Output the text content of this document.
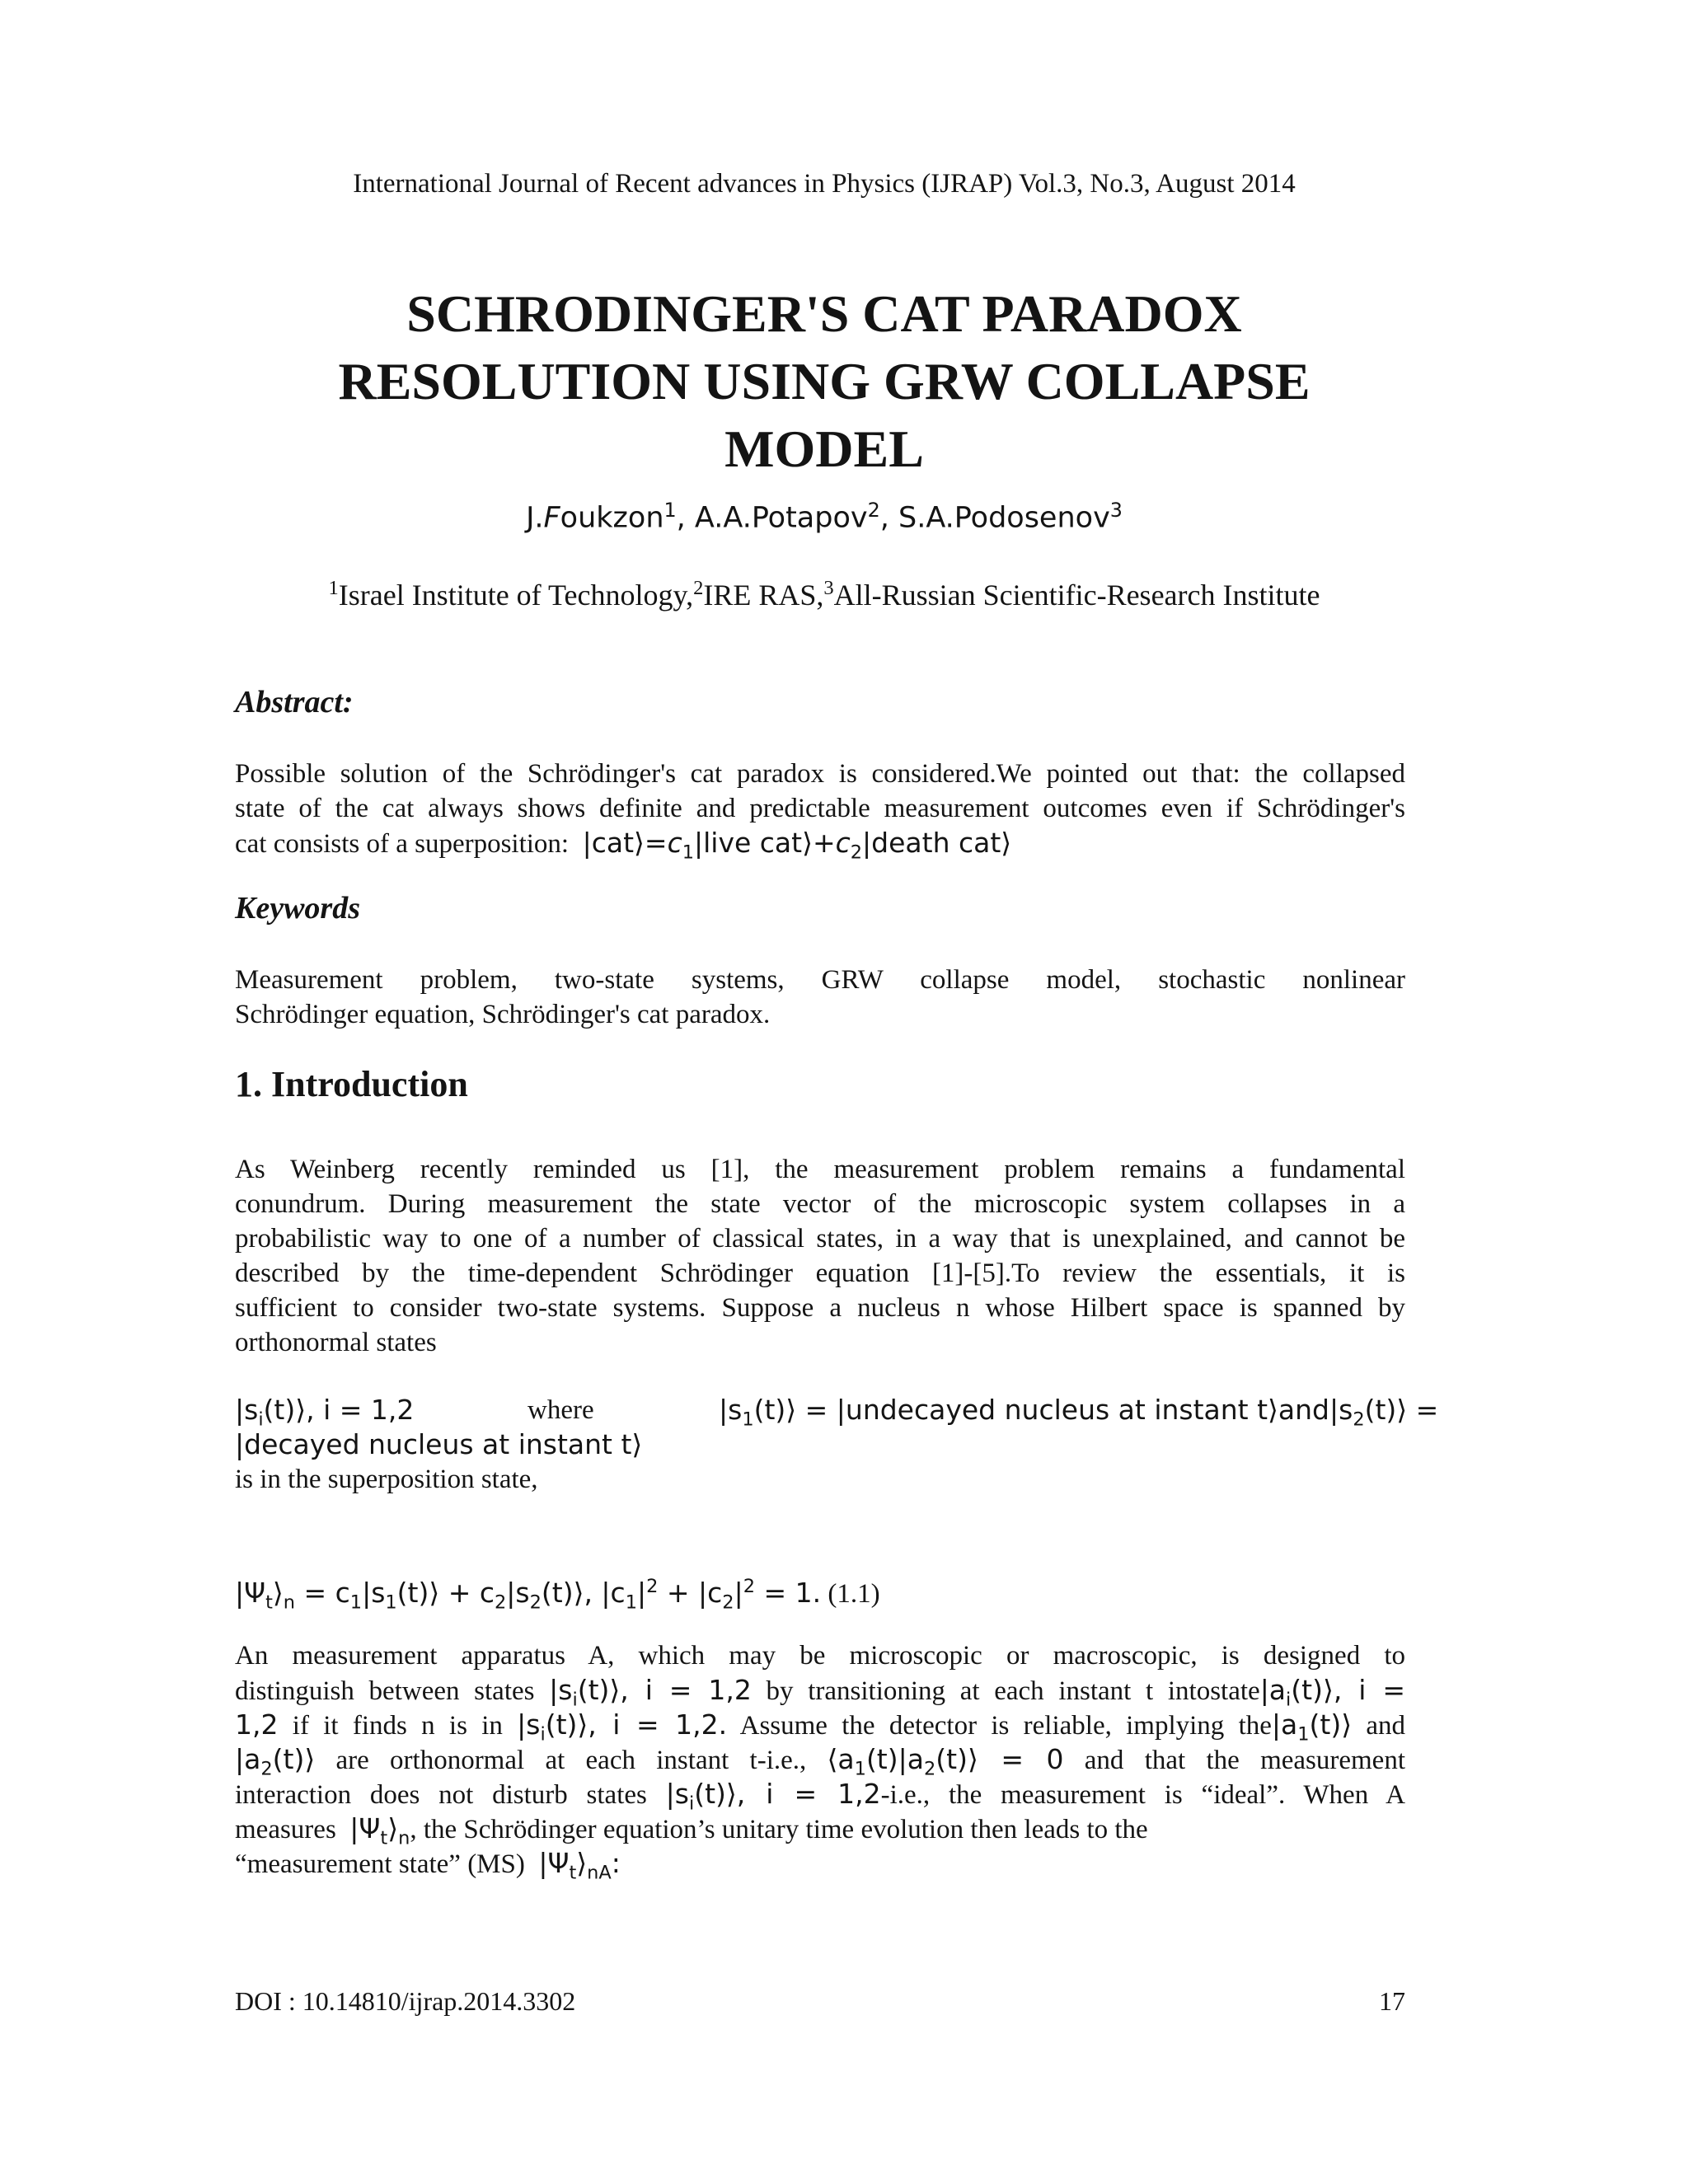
International Journal of Recent advances in Physics (IJRAP) Vol.3, No.3, August 2014
SCHRODINGER'S CAT PARADOX
RESOLUTION USING GRW COLLAPSE
MODEL
J.Foukzon$^1$, A.A.Potapov$^2$, S.A.Podosenov$^3$
$^1$Israel Institute of Technology,$^2$IRE RAS,$^3$All-Russian Scientific-Research Institute
Abstract:
Possible solution of the Schrödinger's cat paradox is considered.We pointed out that: the collapsed
state of the cat always shows definite and predictable measurement outcomes even if Schrödinger's
cat consists of a superposition: $|cat⟩=c_1|live$ $cat⟩+c_2|death$ cat⟩
Keywords
Measurement problem, two-state systems, GRW collapse model, stochastic nonlinear
Schrödinger equation, Schrödinger's cat paradox.
1. Introduction
As Weinberg recently reminded us [1], the measurement problem remains a fundamental
conundrum. During measurement the state vector of the microscopic system collapses in a
probabilistic way to one of a number of classical states, in a way that is unexplained, and cannot be
described by the time-dependent Schrödinger equation [1]-[5].To review the essentials, it is
sufficient to consider two-state systems. Suppose a nucleus n whose Hilbert space is spanned by
orthonormal states
$|s_i(t)⟩$, i = 1,2	where	$|s_1(t)⟩$ = |undecayed nucleus at instant $t⟩and|s_2(t)⟩$ =
|decayed nucleus at instant t⟩
is in the superposition state,
$|\Psi_t⟩_n$ = $c_1|s_1(t)⟩$ + $c_2|s_2(t)⟩$, $|c_1|^2 + |c_2|^2 = 1$. (1.1)
An measurement apparatus A, which may be microscopic or macroscopic, is designed to
distinguish between states $|s_i(t)⟩$, i = 1,2 by transitioning at each instant t $intostate|a_i(t)⟩$, i =
1,2 if it finds n is in $|s_i(t)⟩$, i = 1,2. Assume the detector is reliable, implying $the|a_1(t)⟩$ and
$|a_2(t)⟩$ are orthonormal at each instant t-i.e., $⟨a_1(t)|a_2(t)⟩ = 0$ and that the measurement
interaction does not disturb states $|s_i(t)⟩$, i = 1,2-i.e., the measurement is “ideal”. When A
measures $|\Psi_t⟩_n$, the Schrödinger equation’s unitary time evolution then leads to the
“measurement state” (MS) $|\Psi_t⟩_{nA}$:
DOI : 10.14810/ijrap.2014.3302	17
